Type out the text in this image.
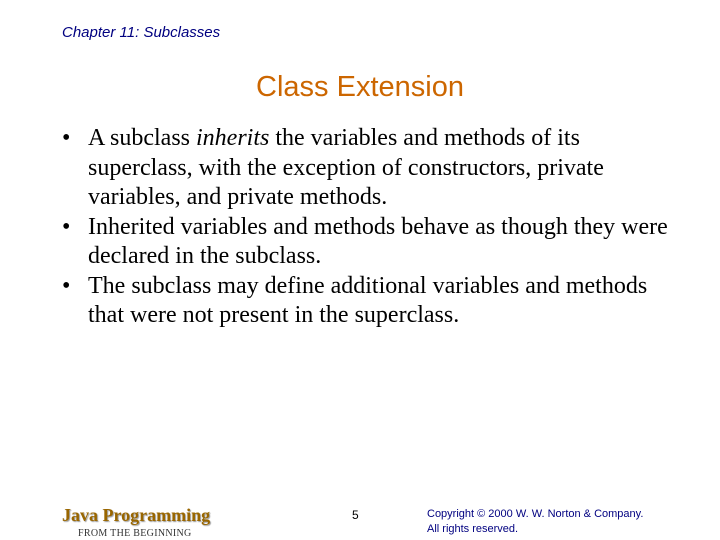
Chapter 11: Subclasses
Class Extension
• A subclass inherits the variables and methods of its superclass, with the exception of constructors, private variables, and private methods.
• Inherited variables and methods behave as though they were declared in the subclass.
• The subclass may define additional variables and methods that were not present in the superclass.
Java Programming
FROM THE BEGINNING
5	Copyright © 2000 W. W. Norton & Company.
All rights reserved.
